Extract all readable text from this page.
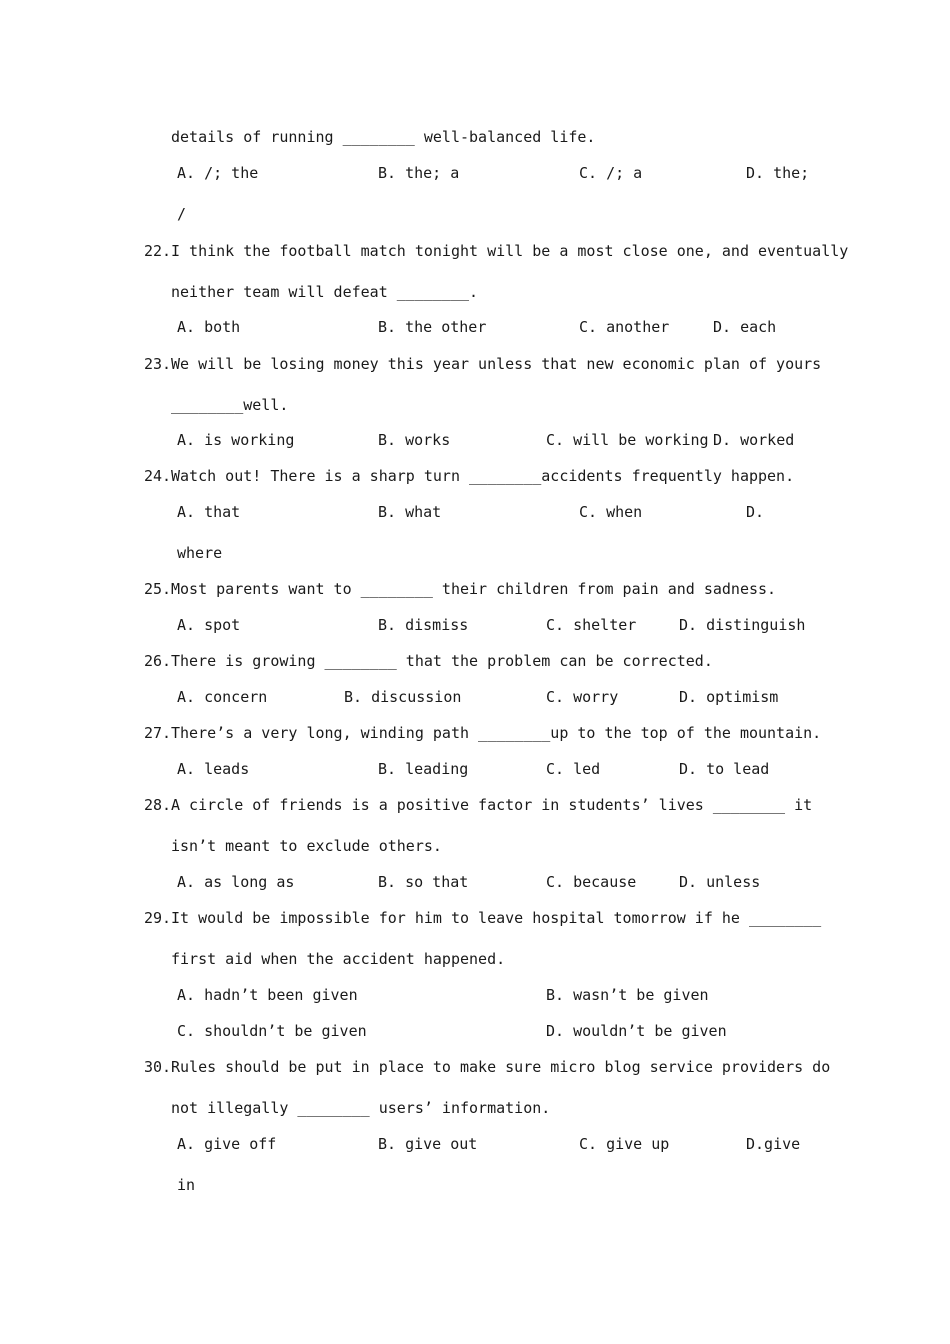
details of running ________ well-balanced life.
A. /; the	B. the; a	C. /; a	D. the;
/
22. I think the football match tonight will be a most close one, and eventually
neither team will defeat ________.
A. both	B. the other	C. another	D. each
23. We will be losing money this year unless that new economic plan of yours
________well.
A. is working	B. works	C. will be working D. worked
24. Watch out! There is a sharp turn ________accidents frequently happen.
A. that	B. what	C. when	D.
where
25. Most parents want to ________ their children from pain and sadness.
A. spot	B. dismiss	C. shelter	D. distinguish
26. There is growing ________ that the problem can be corrected.
A. concern	B. discussion	C. worry	D. optimism
27. There’s a very long, winding path ________up to the top of the mountain.
A. leads	B. leading	C. led	D. to lead
28. A circle of friends is a positive factor in students’ lives ________ it
isn’t meant to exclude others.
A. as long as	B. so that	C. because	D. unless
29. It would be impossible for him to leave hospital tomorrow if he ________
first aid when the accident happened.
A. hadn’t been given	B. wasn’t be given
C. shouldn’t be given	D. wouldn’t be given
30. Rules should be put in place to make sure micro blog service providers do
not illegally ________ users’ information.
A. give off	B. give out	C. give up	D.give
in
